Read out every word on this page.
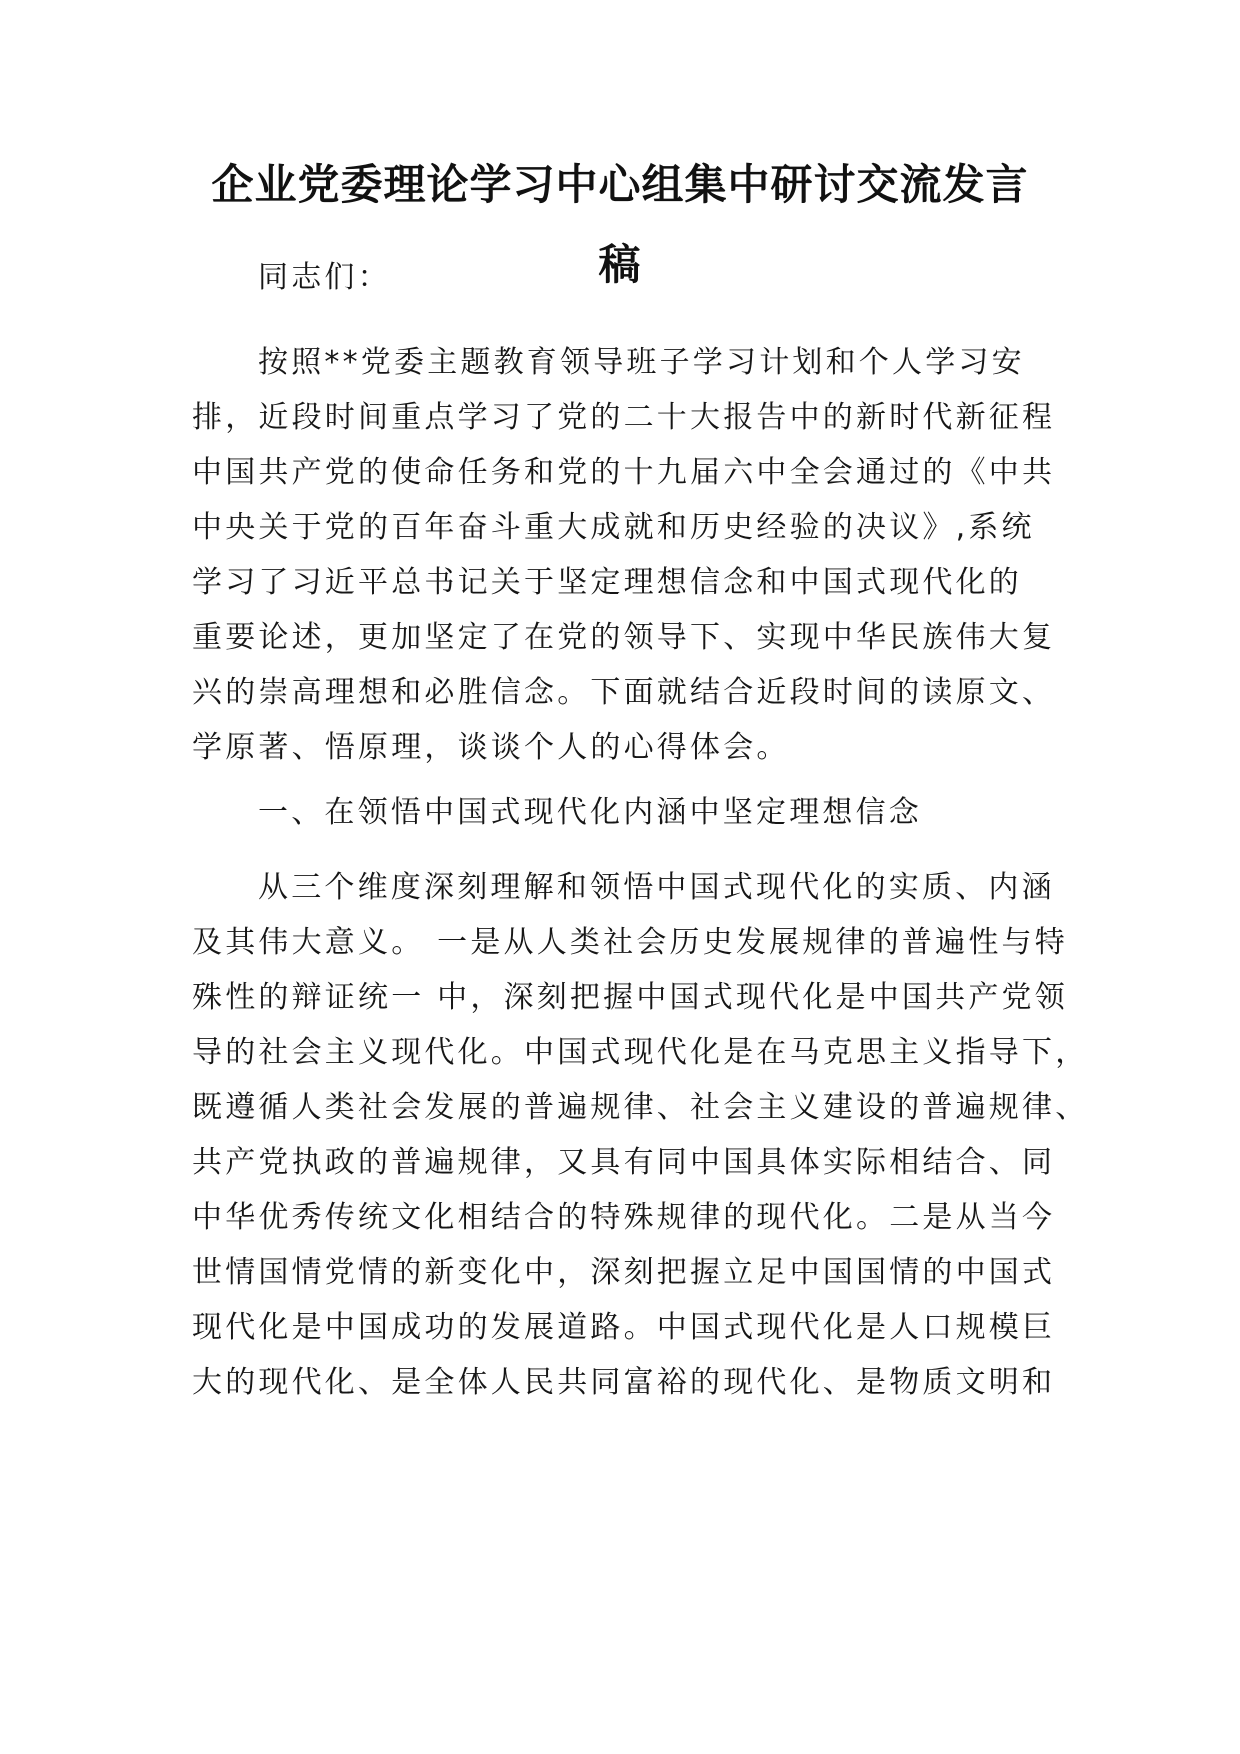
企业党委理论学习中心组集中研讨交流发言
稿

同志们：

按照**党委主题教育领导班子学习计划和个人学习安

排，近段时间重点学习了党的二十大报告中的新时代新征程

中国共产党的使命任务和党的十九届六中全会通过的《中共

中央关于党的百年奋斗重大成就和历史经验的决议》,系统

学习了习近平总书记关于坚定理想信念和中国式现代化的

重要论述，更加坚定了在党的领导下、实现中华民族伟大复

兴的崇高理想和必胜信念。下面就结合近段时间的读原文、

学原著、悟原理，谈谈个人的心得体会。

一、在领悟中国式现代化内涵中坚定理想信念

从三个维度深刻理解和领悟中国式现代化的实质、内涵

及其伟大意义。 一是从人类社会历史发展规律的普遍性与特

殊性的辩证统一 中，深刻把握中国式现代化是中国共产党领

导的社会主义现代化。中国式现代化是在马克思主义指导下，

既遵循人类社会发展的普遍规律、社会主义建设的普遍规律、

共产党执政的普遍规律，又具有同中国具体实际相结合、同

中华优秀传统文化相结合的特殊规律的现代化。二是从当今

世情国情党情的新变化中，深刻把握立足中国国情的中国式

现代化是中国成功的发展道路。中国式现代化是人口规模巨

大的现代化、是全体人民共同富裕的现代化、是物质文明和
